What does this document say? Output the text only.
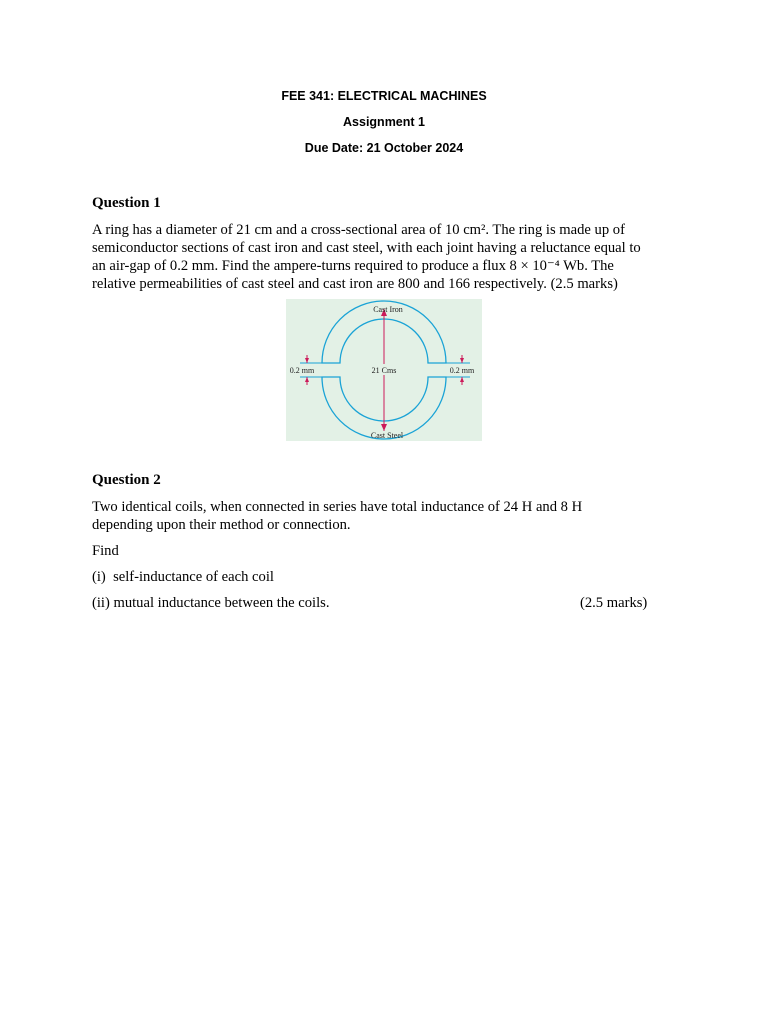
FEE 341: ELECTRICAL MACHINES
Assignment 1
Due Date: 21 October 2024
Question 1
A ring has a diameter of 21 cm and a cross-sectional area of 10 cm². The ring is made up of
semiconductor sections of cast iron and cast steel, with each joint having a reluctance equal to
an air-gap of 0.2 mm. Find the ampere-turns required to produce a flux 8 × 10⁻⁴ Wb. The
relative permeabilities of cast steel and cast iron are 800 and 166 respectively. (2.5 marks)
Cast Iron
Cast Steel
21 Cms
0.2 mm	0.2 mm
Question 2
Two identical coils, when connected in series have total inductance of 24 H and 8 H
depending upon their method or connection.
Find
(i)  self-inductance of each coil
(ii) mutual inductance between the coils.	(2.5 marks)
